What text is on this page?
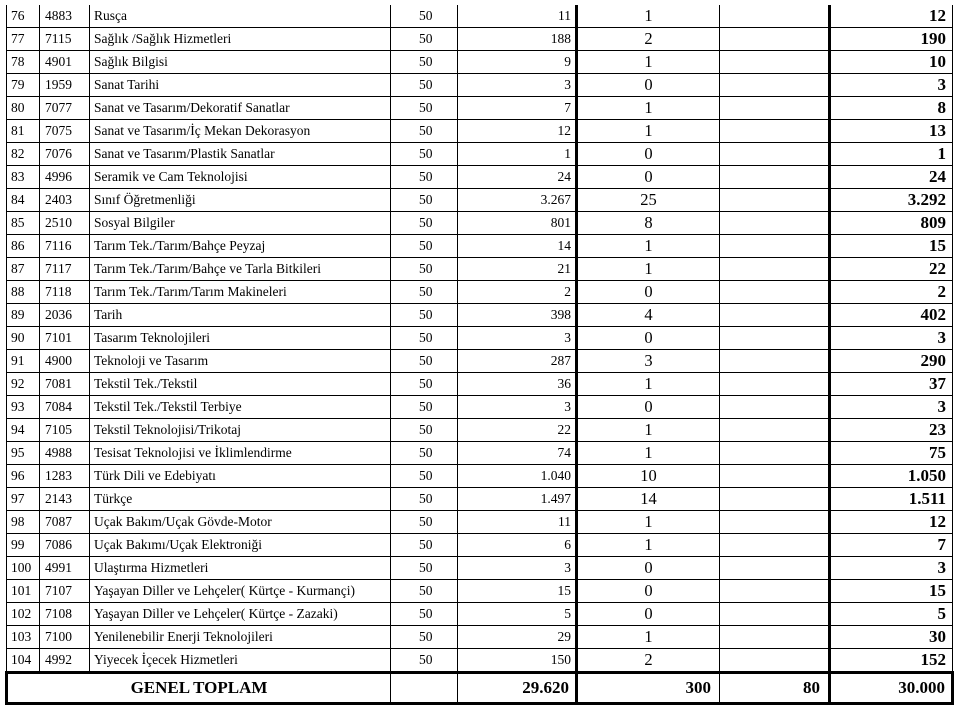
76	4883	Rusça	50	11	1		12
77	7115	Sağlık /Sağlık Hizmetleri	50	188	2		190
78	4901	Sağlık Bilgisi	50	9	1		10
79	1959	Sanat Tarihi	50	3	0		3
80	7077	Sanat ve Tasarım/Dekoratif Sanatlar	50	7	1		8
81	7075	Sanat ve Tasarım/İç Mekan Dekorasyon	50	12	1		13
82	7076	Sanat ve Tasarım/Plastik Sanatlar	50	1	0		1
83	4996	Seramik ve Cam Teknolojisi	50	24	0		24
84	2403	Sınıf Öğretmenliği	50	3.267	25		3.292
85	2510	Sosyal Bilgiler	50	801	8		809
86	7116	Tarım Tek./Tarım/Bahçe Peyzaj	50	14	1		15
87	7117	Tarım Tek./Tarım/Bahçe ve Tarla Bitkileri	50	21	1		22
88	7118	Tarım Tek./Tarım/Tarım Makineleri	50	2	0		2
89	2036	Tarih	50	398	4		402
90	7101	Tasarım Teknolojileri	50	3	0		3
91	4900	Teknoloji ve Tasarım	50	287	3		290
92	7081	Tekstil Tek./Tekstil	50	36	1		37
93	7084	Tekstil Tek./Tekstil Terbiye	50	3	0		3
94	7105	Tekstil Teknolojisi/Trikotaj	50	22	1		23
95	4988	Tesisat Teknolojisi ve İklimlendirme	50	74	1		75
96	1283	Türk Dili ve Edebiyatı	50	1.040	10		1.050
97	2143	Türkçe	50	1.497	14		1.511
98	7087	Uçak Bakım/Uçak Gövde-Motor	50	11	1		12
99	7086	Uçak Bakımı/Uçak Elektroniği	50	6	1		7
100	4991	Ulaştırma Hizmetleri	50	3	0		3
101	7107	Yaşayan Diller ve Lehçeler( Kürtçe - Kurmançi)	50	15	0		15
102	7108	Yaşayan Diller ve Lehçeler( Kürtçe - Zazaki)	50	5	0		5
103	7100	Yenilenebilir Enerji Teknolojileri	50	29	1		30
104	4992	Yiyecek İçecek Hizmetleri	50	150	2		152
GENEL TOPLAM				29.620	300	80	30.000
